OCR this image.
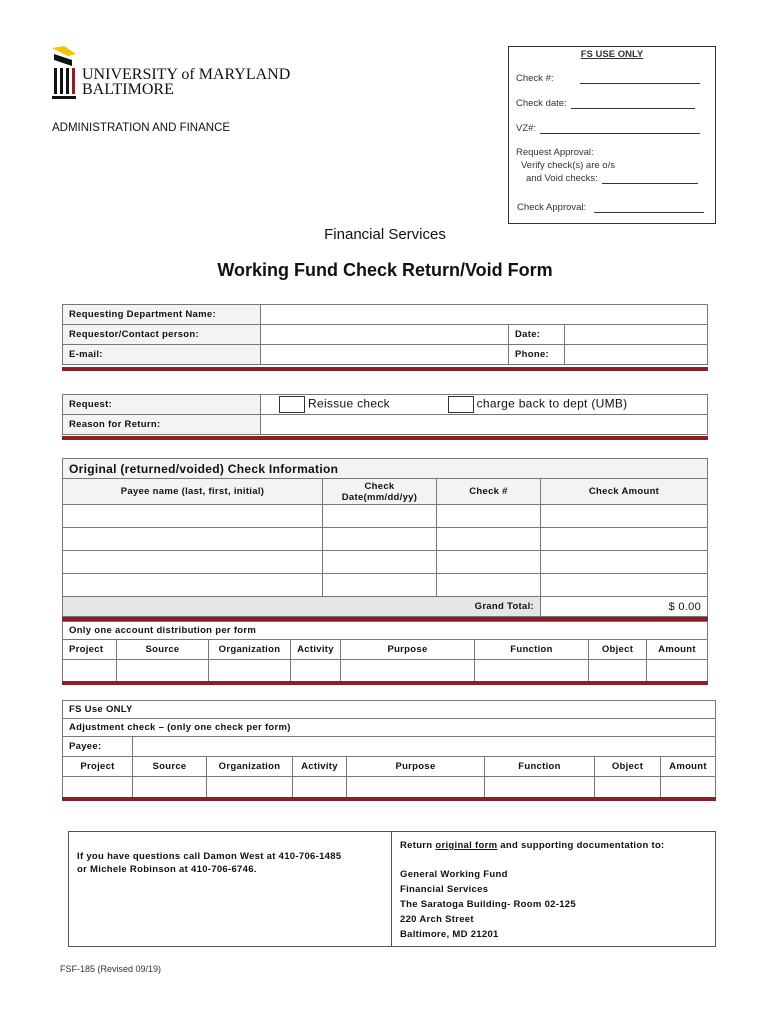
UNIVERSITY of MARYLAND
BALTIMORE
ADMINISTRATION AND FINANCE
FS USE ONLY
Check #:
Check date:
VZ#:
Request Approval:
Verify check(s) are o/s
and Void checks:
Check Approval:
Financial Services
Working Fund Check Return/Void Form
Requesting Department Name:			
Requestor/Contact person:		Date:	
E-mail:		Phone:	
Request:	Reissue check charge back to dept (UMB)
Reason for Return:	
Original (returned/voided) Check Information			
Payee name (last, first, initial)	Check Date(mm/dd/yy)	Check #	Check Amount

Grand Total:			$ 0.00
Only one account distribution per form							
Project	Source	Organization	Activity	Purpose	Function	Object	Amount

FS Use ONLY							
Adjustment check – (only one check per form)							
Payee:							
Project	Source	Organization	Activity	Purpose	Function	Object	Amount

If you have questions call Damon West at 410-706-1485
or Michele Robinson at 410-706-6746.
Return original form and supporting documentation to:
General Working Fund
Financial Services
The Saratoga Building- Room 02-125
220 Arch Street
Baltimore, MD 21201
FSF-185 (Revised 09/19)
